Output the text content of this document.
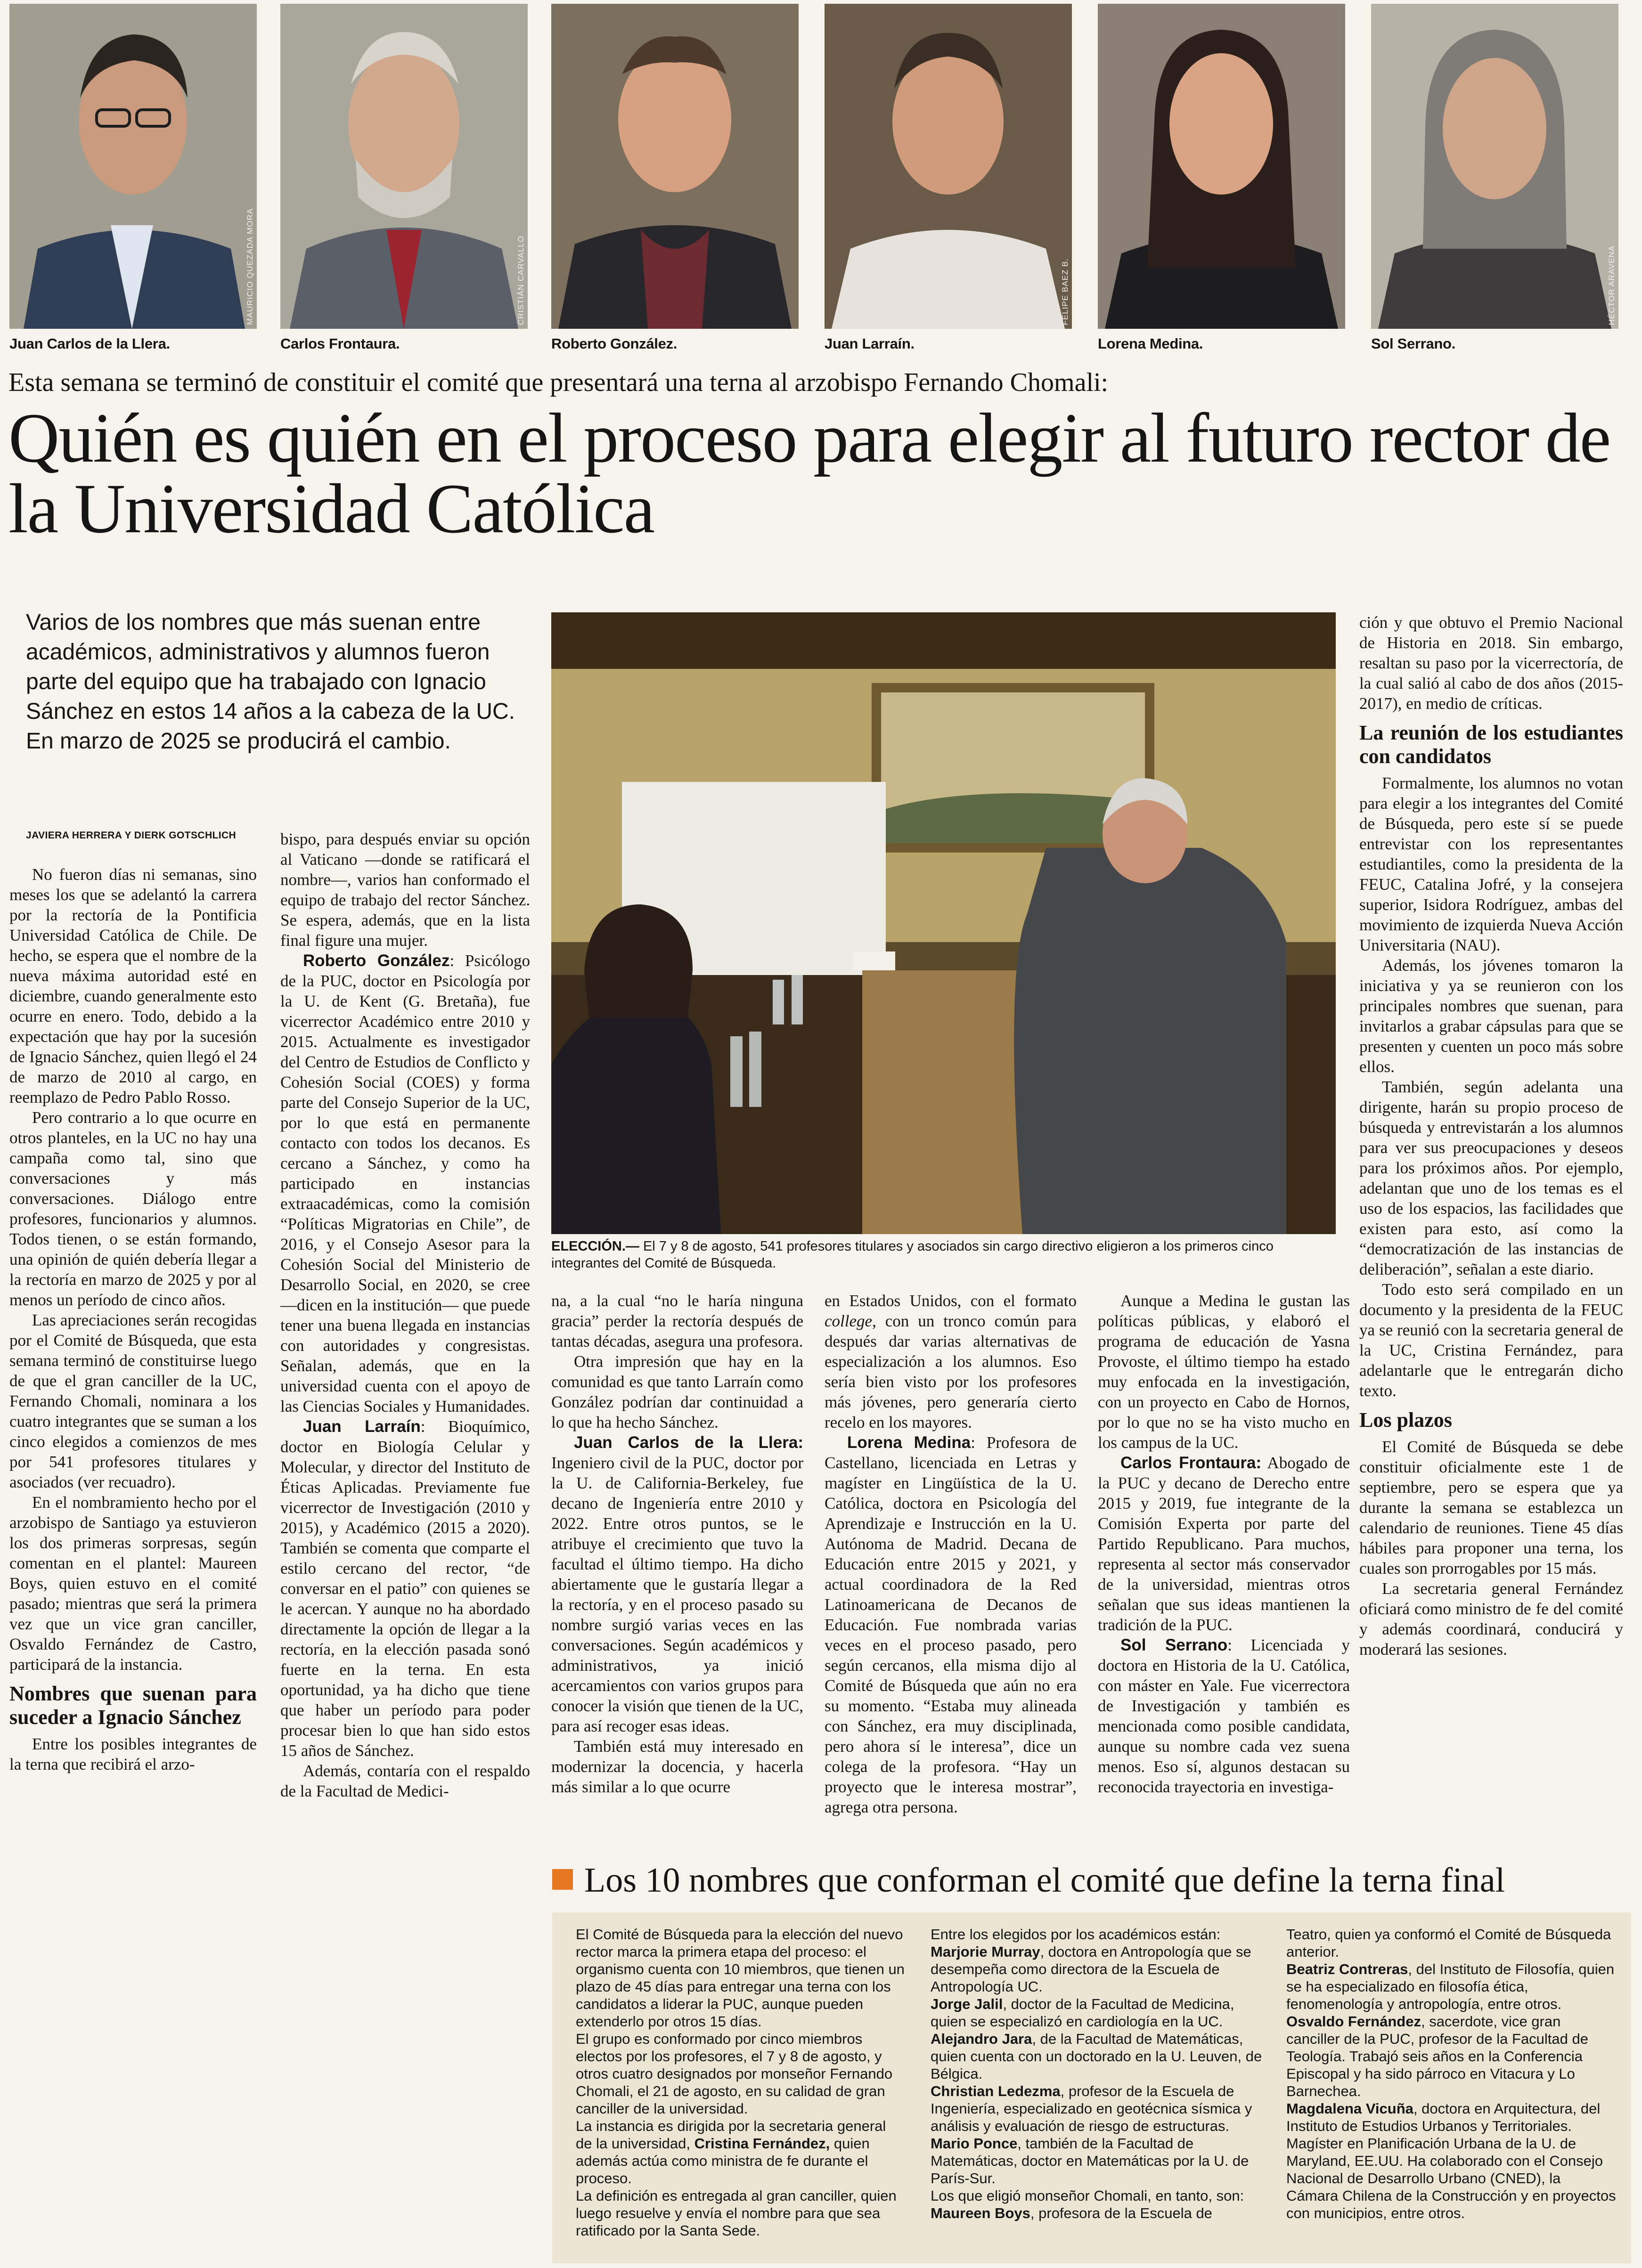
MAURICIO QUEZADA MORA	CRISTIÁN CARVALLO	FELIPE BAEZ B.	HÉCTOR ARAVENA
Juan Carlos de la Llera.	Carlos Frontaura.	Roberto González.	Juan Larraín.	Lorena Medina.	Sol Serrano.
Esta semana se terminó de constituir el comité que presentará una terna al arzobispo Fernando Chomali:
Quién es quién en el proceso para elegir al futuro rector de la Universidad Católica
Varios de los nombres que más suenan entre académicos, administrativos y alumnos fueron parte del equipo que ha trabajado con Ignacio Sánchez en estos 14 años a la cabeza de la UC. En marzo de 2025 se producirá el cambio.
JAVIERA HERRERA Y DIERK GOTSCHLICH

No fueron días ni semanas, sino meses los que se adelantó la carrera por la rectoría de la Pontificia Universidad Católica de Chile. De hecho, se espera que el nombre de la nueva máxima autoridad esté en diciembre, cuando generalmente esto ocurre en enero. Todo, debido a la expectación que hay por la sucesión de Ignacio Sánchez, quien llegó el 24 de marzo de 2010 al cargo, en reemplazo de Pedro Pablo Rosso.

Pero contrario a lo que ocurre en otros planteles, en la UC no hay una campaña como tal, sino que conversaciones y más conversaciones. Diálogo entre profesores, funcionarios y alumnos. Todos tienen, o se están formando, una opinión de quién debería llegar a la rectoría en marzo de 2025 y por al menos un período de cinco años.

Las apreciaciones serán recogidas por el Comité de Búsqueda, que esta semana terminó de constituirse luego de que el gran canciller de la UC, Fernando Chomali, nominara a los cuatro integrantes que se suman a los cinco elegidos a comienzos de mes por 541 profesores titulares y asociados (ver recuadro).

En el nombramiento hecho por el arzobispo de Santiago ya estuvieron los dos primeras sorpresas, según comentan en el plantel: Maureen Boys, quien estuvo en el comité pasado; mientras que será la primera vez que un vice gran canciller, Osvaldo Fernández de Castro, participará de la instancia.

Nombres que suenan para suceder a Ignacio Sánchez

Entre los posibles integrantes de la terna que recibirá el arzo-

bispo, para después enviar su opción al Vaticano —donde se ratificará el nombre—, varios han conformado el equipo de trabajo del rector Sánchez. Se espera, además, que en la lista final figure una mujer.

Roberto González: Psicólogo de la PUC, doctor en Psicología por la U. de Kent (G. Bretaña), fue vicerrector Académico entre 2010 y 2015. Actualmente es investigador del Centro de Estudios de Conflicto y Cohesión Social (COES) y forma parte del Consejo Superior de la UC, por lo que está en permanente contacto con todos los decanos. Es cercano a Sánchez, y como ha participado en instancias extraacadémicas, como la comisión “Políticas Migratorias en Chile”, de 2016, y el Consejo Asesor para la Cohesión Social del Ministerio de Desarrollo Social, en 2020, se cree —dicen en la institución— que puede tener una buena llegada en instancias con autoridades y congresistas. Señalan, además, que en la universidad cuenta con el apoyo de las Ciencias Sociales y Humanidades.

Juan Larraín: Bioquímico, doctor en Biología Celular y Molecular, y director del Instituto de Éticas Aplicadas. Previamente fue vicerrector de Investigación (2010 y 2015), y Académico (2015 a 2020). También se comenta que comparte el estilo cercano del rector, “de conversar en el patio” con quienes se le acercan. Y aunque no ha abordado directamente la opción de llegar a la rectoría, en la elección pasada sonó fuerte en la terna. En esta oportunidad, ya ha dicho que tiene que haber un período para poder procesar bien lo que han sido estos 15 años de Sánchez.

Además, contaría con el respaldo de la Facultad de Medici-

ELECCIÓN.— El 7 y 8 de agosto, 541 profesores titulares y asociados sin cargo directivo eligieron a los primeros cinco integrantes del Comité de Búsqueda.

na, a la cual “no le haría ninguna gracia” perder la rectoría después de tantas décadas, asegura una profesora.

Otra impresión que hay en la comunidad es que tanto Larraín como González podrían dar continuidad a lo que ha hecho Sánchez.

Juan Carlos de la Llera: Ingeniero civil de la PUC, doctor por la U. de California-Berkeley, fue decano de Ingeniería entre 2010 y 2022. Entre otros puntos, se le atribuye el crecimiento que tuvo la facultad el último tiempo. Ha dicho abiertamente que le gustaría llegar a la rectoría, y en el proceso pasado su nombre surgió varias veces en las conversaciones. Según académicos y administrativos, ya inició acercamientos con varios grupos para conocer la visión que tienen de la UC, para así recoger esas ideas.

También está muy interesado en modernizar la docencia, y hacerla más similar a lo que ocurre

en Estados Unidos, con el formato college, con un tronco común para después dar varias alternativas de especialización a los alumnos. Eso sería bien visto por los profesores más jóvenes, pero generaría cierto recelo en los mayores.

Lorena Medina: Profesora de Castellano, licenciada en Letras y magíster en Lingüística de la U. Católica, doctora en Psicología del Aprendizaje e Instrucción en la U. Autónoma de Madrid. Decana de Educación entre 2015 y 2021, y actual coordinadora de la Red Latinoamericana de Decanos de Educación. Fue nombrada varias veces en el proceso pasado, pero según cercanos, ella misma dijo al Comité de Búsqueda que aún no era su momento. “Estaba muy alineada con Sánchez, era muy disciplinada, pero ahora sí le interesa”, dice un colega de la profesora. “Hay un proyecto que le interesa mostrar”, agrega otra persona.

Aunque a Medina le gustan las políticas públicas, y elaboró el programa de educación de Yasna Provoste, el último tiempo ha estado muy enfocada en la investigación, con un proyecto en Cabo de Hornos, por lo que no se ha visto mucho en los campus de la UC.

Carlos Frontaura: Abogado de la PUC y decano de Derecho entre 2015 y 2019, fue integrante de la Comisión Experta por parte del Partido Republicano. Para muchos, representa al sector más conservador de la universidad, mientras otros señalan que sus ideas mantienen la tradición de la PUC.

Sol Serrano: Licenciada y doctora en Historia de la U. Católica, con máster en Yale. Fue vicerrectora de Investigación y también es mencionada como posible candidata, aunque su nombre cada vez suena menos. Eso sí, algunos destacan su reconocida trayectoria en investiga-

ción y que obtuvo el Premio Nacional de Historia en 2018. Sin embargo, resaltan su paso por la vicerrectoría, de la cual salió al cabo de dos años (2015-2017), en medio de críticas.

La reunión de los estudiantes con candidatos

Formalmente, los alumnos no votan para elegir a los integrantes del Comité de Búsqueda, pero este sí se puede entrevistar con los representantes estudiantiles, como la presidenta de la FEUC, Catalina Jofré, y la consejera superior, Isidora Rodríguez, ambas del movimiento de izquierda Nueva Acción Universitaria (NAU).

Además, los jóvenes tomaron la iniciativa y ya se reunieron con los principales nombres que suenan, para invitarlos a grabar cápsulas para que se presenten y cuenten un poco más sobre ellos.

También, según adelanta una dirigente, harán su propio proceso de búsqueda y entrevistarán a los alumnos para ver sus preocupaciones y deseos para los próximos años. Por ejemplo, adelantan que uno de los temas es el uso de los espacios, las facilidades que existen para esto, así como la “democratización de las instancias de deliberación”, señalan a este diario.

Todo esto será compilado en un documento y la presidenta de la FEUC ya se reunió con la secretaria general de la UC, Cristina Fernández, para adelantarle que le entregarán dicho texto.

Los plazos

El Comité de Búsqueda se debe constituir oficialmente este 1 de septiembre, pero se espera que ya durante la semana se establezca un calendario de reuniones. Tiene 45 días hábiles para proponer una terna, los cuales son prorrogables por 15 más.

La secretaria general Fernández oficiará como ministro de fe del comité y además coordinará, conducirá y moderará las sesiones.

Los 10 nombres que conforman el comité que define la terna final

El Comité de Búsqueda para la elección del nuevo rector marca la primera etapa del proceso: el organismo cuenta con 10 miembros, que tienen un plazo de 45 días para entregar una terna con los candidatos a liderar la PUC, aunque pueden extenderlo por otros 15 días.

El grupo es conformado por cinco miembros electos por los profesores, el 7 y 8 de agosto, y otros cuatro designados por monseñor Fernando Chomali, el 21 de agosto, en su calidad de gran canciller de la universidad.

La instancia es dirigida por la secretaria general de la universidad, Cristina Fernández, quien además actúa como ministra de fe durante el proceso.

La definición es entregada al gran canciller, quien luego resuelve y envía el nombre para que sea ratificado por la Santa Sede.

Entre los elegidos por los académicos están:

Marjorie Murray, doctora en Antropología que se desempeña como directora de la Escuela de Antropología UC.

Jorge Jalil, doctor de la Facultad de Medicina, quien se especializó en cardiología en la UC.

Alejandro Jara, de la Facultad de Matemáticas, quien cuenta con un doctorado en la U. Leuven, de Bélgica.

Christian Ledezma, profesor de la Escuela de Ingeniería, especializado en geotécnica sísmica y análisis y evaluación de riesgo de estructuras.

Mario Ponce, también de la Facultad de Matemáticas, doctor en Matemáticas por la U. de París-Sur.

Los que eligió monseñor Chomali, en tanto, son:

Maureen Boys, profesora de la Escuela de

Teatro, quien ya conformó el Comité de Búsqueda anterior.

Beatriz Contreras, del Instituto de Filosofía, quien se ha especializado en filosofía ética, fenomenología y antropología, entre otros.

Osvaldo Fernández, sacerdote, vice gran canciller de la PUC, profesor de la Facultad de Teología. Trabajó seis años en la Conferencia Episcopal y ha sido párroco en Vitacura y Lo Barnechea.

Magdalena Vicuña, doctora en Arquitectura, del Instituto de Estudios Urbanos y Territoriales. Magíster en Planificación Urbana de la U. de Maryland, EE.UU. Ha colaborado con el Consejo Nacional de Desarrollo Urbano (CNED), la Cámara Chilena de la Construcción y en proyectos con municipios, entre otros.
